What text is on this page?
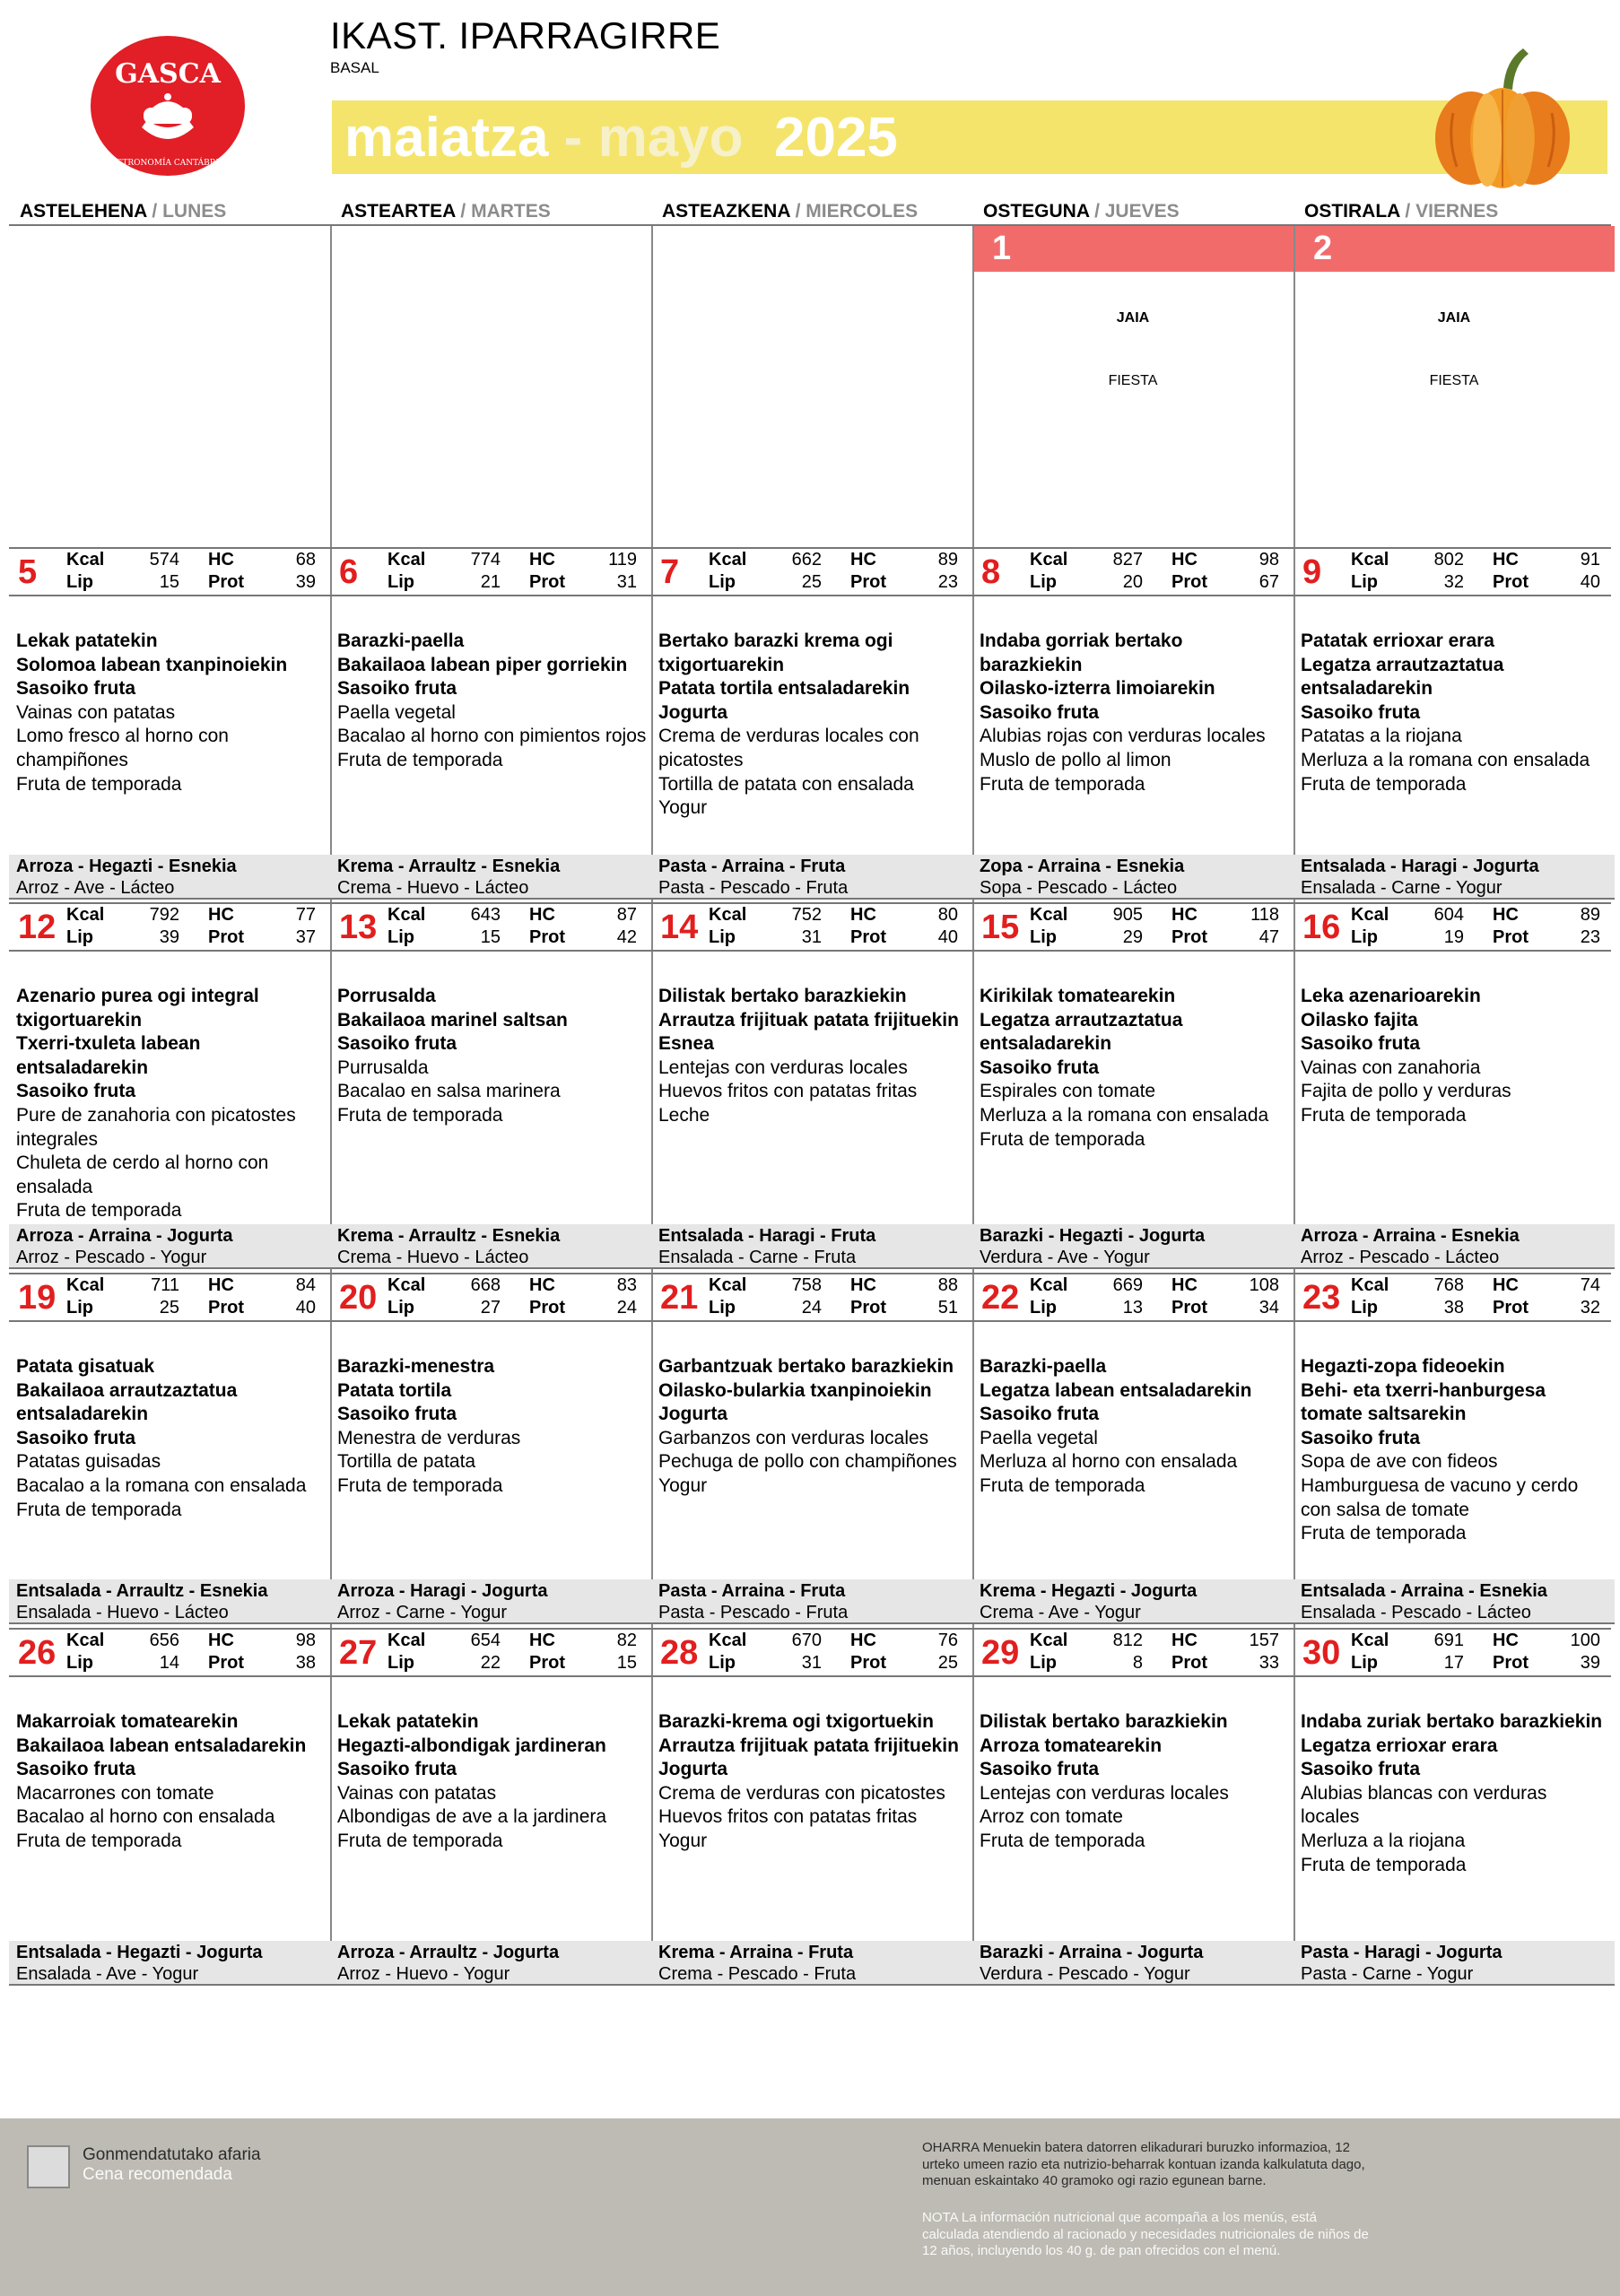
GASCA
GASTRONOMÍA CANTÁBRICA
IKAST. IPARRAGIRRE
BASAL
maiatza - mayo 2025
ASTELEHENA / LUNES	ASTEARTEA / MARTES	ASTEAZKENA / MIERCOLES	OSTEGUNA / JUEVES	OSTIRALA / VIERNES
1
JAIA
FIESTA
2
JAIA
FIESTA
5 Kcal	574 HC	68
Lip	15 Prot	39
Lekak patatekin
Solomoa labean txanpinoiekin
Sasoiko fruta
Vainas con patatas
Lomo fresco al horno con champiñones
Fruta de temporada
Arroza - Hegazti - Esnekia
Arroz - Ave - Lácteo
6 Kcal	774 HC	119
Lip	21 Prot	31
Barazki-paella
Bakailaoa labean piper gorriekin
Sasoiko fruta
Paella vegetal
Bacalao al horno con pimientos rojos
Fruta de temporada
Krema - Arraultz - Esnekia
Crema - Huevo - Lácteo
7 Kcal	662 HC	89
Lip	25 Prot	23
Bertako barazki krema ogi txigortuarekin
Patata tortila entsaladarekin
Jogurta
Crema de verduras locales con picatostes
Tortilla de patata con ensalada
Yogur
Pasta - Arraina - Fruta
Pasta - Pescado - Fruta
8 Kcal	827 HC	98
Lip	20 Prot	67
Indaba gorriak bertako barazkiekin
Oilasko-izterra limoiarekin
Sasoiko fruta
Alubias rojas con verduras locales
Muslo de pollo al limon
Fruta de temporada
Zopa - Arraina - Esnekia
Sopa - Pescado - Lácteo
9 Kcal	802 HC	91
Lip	32 Prot	40
Patatak errioxar erara
Legatza arrautzaztatua entsaladarekin
Sasoiko fruta
Patatas a la riojana
Merluza a la romana con ensalada
Fruta de temporada
Entsalada - Haragi - Jogurta
Ensalada - Carne - Yogur
12 Kcal	792 HC	77
Lip	39 Prot	37
Azenario purea ogi integral txigortuarekin
Txerri-txuleta labean entsaladarekin
Sasoiko fruta
Pure de zanahoria con picatostes integrales
Chuleta de cerdo al horno con ensalada
Fruta de temporada
Arroza - Arraina - Jogurta
Arroz - Pescado - Yogur
13 Kcal	643 HC	87
Lip	15 Prot	42
Porrusalda
Bakailaoa marinel saltsan
Sasoiko fruta
Purrusalda
Bacalao en salsa marinera
Fruta de temporada
Krema - Arraultz - Esnekia
Crema - Huevo - Lácteo
14 Kcal	752 HC	80
Lip	31 Prot	40
Dilistak bertako barazkiekin
Arrautza frijituak patata frijituekin
Esnea
Lentejas con verduras locales
Huevos fritos con patatas fritas
Leche
Entsalada - Haragi - Fruta
Ensalada - Carne - Fruta
15 Kcal	905 HC	118
Lip	29 Prot	47
Kirikilak tomatearekin
Legatza arrautzaztatua entsaladarekin
Sasoiko fruta
Espirales con tomate
Merluza a la romana con ensalada
Fruta de temporada
Barazki - Hegazti - Jogurta
Verdura - Ave - Yogur
16 Kcal	604 HC	89
Lip	19 Prot	23
Leka azenarioarekin
Oilasko fajita
Sasoiko fruta
Vainas con zanahoria
Fajita de pollo y verduras
Fruta de temporada
Arroza - Arraina - Esnekia
Arroz - Pescado - Lácteo
19 Kcal	711 HC	84
Lip	25 Prot	40
Patata gisatuak
Bakailaoa arrautzaztatua entsaladarekin
Sasoiko fruta
Patatas guisadas
Bacalao a la romana con ensalada
Fruta de temporada
Entsalada - Arraultz - Esnekia
Ensalada - Huevo - Lácteo
20 Kcal	668 HC	83
Lip	27 Prot	24
Barazki-menestra
Patata tortila
Sasoiko fruta
Menestra de verduras
Tortilla de patata
Fruta de temporada
Arroza - Haragi - Jogurta
Arroz - Carne - Yogur
21 Kcal	758 HC	88
Lip	24 Prot	51
Garbantzuak bertako barazkiekin
Oilasko-bularkia txanpinoiekin
Jogurta
Garbanzos con verduras locales
Pechuga de pollo con champiñones
Yogur
Pasta - Arraina - Fruta
Pasta - Pescado - Fruta
22 Kcal	669 HC	108
Lip	13 Prot	34
Barazki-paella
Legatza labean entsaladarekin
Sasoiko fruta
Paella vegetal
Merluza al horno con ensalada
Fruta de temporada
Krema - Hegazti - Jogurta
Crema - Ave - Yogur
23 Kcal	768 HC	74
Lip	38 Prot	32
Hegazti-zopa fideoekin
Behi- eta txerri-hanburgesa tomate saltsarekin
Sasoiko fruta
Sopa de ave con fideos
Hamburguesa de vacuno y cerdo con salsa de tomate
Fruta de temporada
Entsalada - Arraina - Esnekia
Ensalada - Pescado - Lácteo
26 Kcal	656 HC	98
Lip	14 Prot	38
Makarroiak tomatearekin
Bakailaoa labean entsaladarekin
Sasoiko fruta
Macarrones con tomate
Bacalao al horno con ensalada
Fruta de temporada
Entsalada - Hegazti - Jogurta
Ensalada - Ave - Yogur
27 Kcal	654 HC	82
Lip	22 Prot	15
Lekak patatekin
Hegazti-albondigak jardineran
Sasoiko fruta
Vainas con patatas
Albondigas de ave a la jardinera
Fruta de temporada
Arroza - Arraultz - Jogurta
Arroz - Huevo - Yogur
28 Kcal	670 HC	76
Lip	31 Prot	25
Barazki-krema ogi txigortuekin
Arrautza frijituak patata frijituekin
Jogurta
Crema de verduras con picatostes
Huevos fritos con patatas fritas
Yogur
Krema - Arraina - Fruta
Crema - Pescado - Fruta
29 Kcal	812 HC	157
Lip	8 Prot	33
Dilistak bertako barazkiekin
Arroza tomatearekin
Sasoiko fruta
Lentejas con verduras locales
Arroz con tomate
Fruta de temporada
Barazki - Arraina - Jogurta
Verdura - Pescado - Yogur
30 Kcal	691 HC	100
Lip	17 Prot	39
Indaba zuriak bertako barazkiekin
Legatza errioxar erara
Sasoiko fruta
Alubias blancas con verduras locales
Merluza a la riojana
Fruta de temporada
Pasta - Haragi - Jogurta
Pasta - Carne - Yogur
Gonmendatutako afaria
Cena recomendada
OHARRA Menuekin batera datorren elikadurari buruzko informazioa, 12 urteko umeen razio eta nutrizio-beharrak kontuan izanda kalkulatuta dago, menuan eskaintako 40 gramoko ogi razio egunean barne.
NOTA La información nutricional que acompaña a los menús, está calculada atendiendo al racionado y necesidades nutricionales de niños de 12 años, incluyendo los 40 g. de pan ofrecidos con el menú.
